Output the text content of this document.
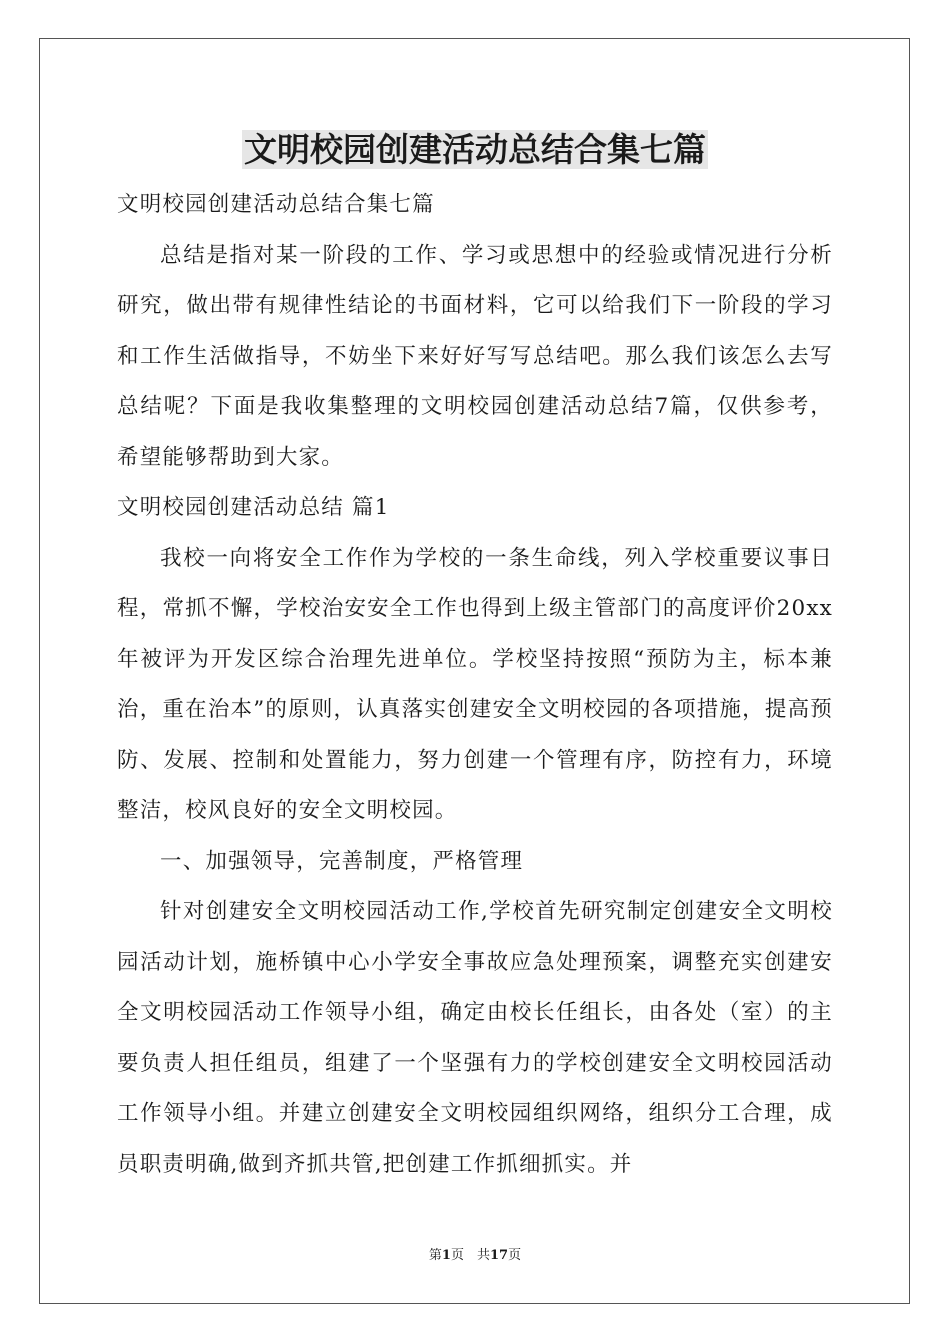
文明校园创建活动总结合集七篇

文明校园创建活动总结合集七篇

总结是指对某一阶段的工作、学习或思想中的经验或情况进行分析研究，做出带有规律性结论的书面材料，它可以给我们下一阶段的学习和工作生活做指导，不妨坐下来好好写写总结吧。那么我们该怎么去写总结呢？下面是我收集整理的文明校园创建活动总结7篇，仅供参考，希望能够帮助到大家。

文明校园创建活动总结 篇1

我校一向将安全工作作为学校的一条生命线，列入学校重要议事日程，常抓不懈，学校治安安全工作也得到上级主管部门的高度评价20xx年被评为开发区综合治理先进单位。学校坚持按照“预防为主，标本兼治，重在治本”的原则，认真落实创建安全文明校园的各项措施，提高预防、发展、控制和处置能力，努力创建一个管理有序，防控有力，环境整洁，校风良好的安全文明校园。

一、加强领导，完善制度，严格管理

针对创建安全文明校园活动工作,学校首先研究制定创建安全文明校园活动计划，施桥镇中心小学安全事故应急处理预案，调整充实创建安全文明校园活动工作领导小组，确定由校长任组长，由各处（室）的主要负责人担任组员，组建了一个坚强有力的学校创建安全文明校园活动工作领导小组。并建立创建安全文明校园组织网络，组织分工合理，成员职责明确,做到齐抓共管,把创建工作抓细抓实。并

第1页　共17页
